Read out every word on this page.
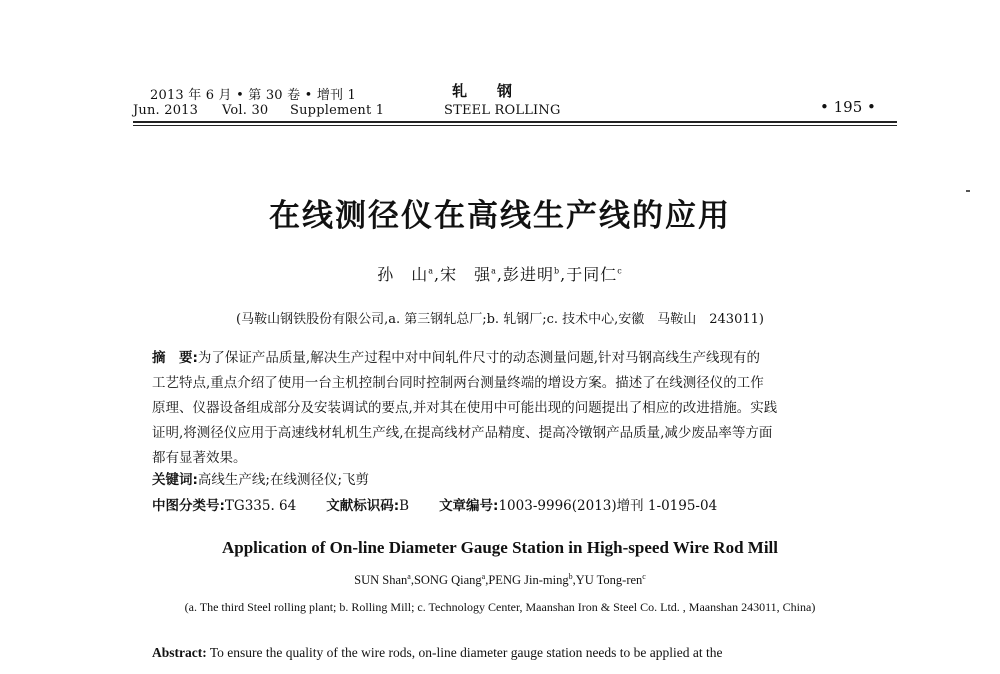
2013 年 6 月 • 第 30 卷 • 增刊 1	轧　　钢
Jun. 2013 Vol. 30 Supplement 1	STEEL ROLLING	• 195 •
在线测径仪在高线生产线的应用
孙　山$^a$,宋　强$^a$,彭进明$^b$,于同仁$^c$
(马鞍山钢铁股份有限公司,a. 第三钢轧总厂;b. 轧钢厂;c. 技术中心,安徽　马鞍山　243011)
摘　要:为了保证产品质量,解决生产过程中对中间轧件尺寸的动态测量问题,针对马钢高线生产线现有的
工艺特点,重点介绍了使用一台主机控制台同时控制两台测量终端的增设方案。描述了在线测径仪的工作
原理、仪器设备组成部分及安装调试的要点,并对其在使用中可能出现的问题提出了相应的改进措施。实践
证明,将测径仪应用于高速线材轧机生产线,在提高线材产品精度、提高冷镦钢产品质量,减少废品率等方面
都有显著效果。
关键词:高线生产线;在线测径仪;飞剪
中图分类号:TG335. 64 文献标识码:B 文章编号:1003-9996(2013)增刊 1-0195-04
Application of On-line Diameter Gauge Station in High-speed Wire Rod Mill
SUN Shan$^a$,SONG Qiang$^a$,PENG Jin-ming$^b$,YU Tong-ren$^c$
(a. The third Steel rolling plant; b. Rolling Mill; c. Technology Center, Maanshan Iron & Steel Co. Ltd. , Maanshan 243011, China)
Abstract: To ensure the quality of the wire rods, on-line diameter gauge station needs to be applied at the
